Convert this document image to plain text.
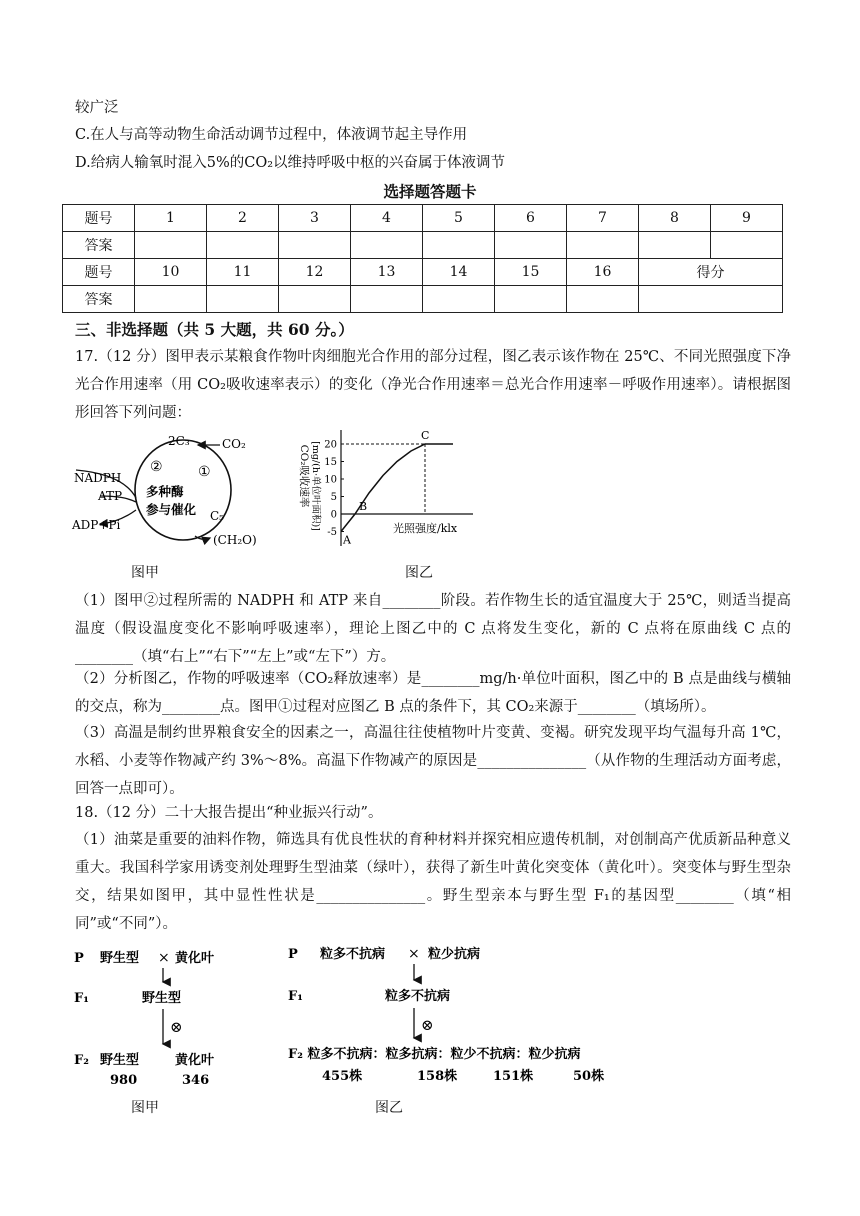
较广泛
C.在人与高等动物生命活动调节过程中，体液调节起主导作用
D.给病人输氧时混入5%的CO₂以维持呼吸中枢的兴奋属于体液调节
选择题答题卡
题号	1	2	3	4	5	6	7	8	9
答案									
题号	10	11	12	13	14	15	16	得分	
答案									
三、非选择题（共 5 大题，共 60 分。）
17.（12 分）图甲表示某粮食作物叶肉细胞光合作用的部分过程，图乙表示该作物在 25℃、不同光照强度下净光合作用速率（用 CO₂吸收速率表示）的变化（净光合作用速率＝总光合作用速率－呼吸作用速率）。请根据图形回答下列问题：
2C₃	CO₂
②	①
NADPH
ATP
ADP+Pi
多种酶
参与催化 C₅
(CH₂O)
图甲
CO₂吸收速率 [mg/(h·单位叶面积)]
-5
0
5
10
15
20
A
B
C
光照强度/klx
图乙
（1）图甲②过程所需的 NADPH 和 ATP 来自________阶段。若作物生长的适宜温度大于 25℃，则适当提高温度（假设温度变化不影响呼吸速率），理论上图乙中的 C 点将发生变化，新的 C 点将在原曲线 C 点的________（填“右上”“右下”“左上”或“左下”）方。
（2）分析图乙，作物的呼吸速率（CO₂释放速率）是________mg/h·单位叶面积，图乙中的 B 点是曲线与横轴的交点，称为________点。图甲①过程对应图乙 B 点的条件下，其 CO₂来源于________（填场所）。
（3）高温是制约世界粮食安全的因素之一，高温往往使植物叶片变黄、变褐。研究发现平均气温每升高 1℃，水稻、小麦等作物减产约 3%～8%。高温下作物减产的原因是_______________（从作物的生理活动方面考虑，回答一点即可）。
18.（12 分）二十大报告提出“种业振兴行动”。
（1）油菜是重要的油料作物，筛选具有优良性状的育种材料并探究相应遗传机制，对创制高产优质新品种意义重大。我国科学家用诱变剂处理野生型油菜（绿叶），获得了新生叶黄化突变体（黄化叶）。突变体与野生型杂交，结果如图甲，其中显性性状是_______________。野生型亲本与野生型 F₁的基因型________（填“相同”或“不同”）。
P 野生型 × 黄化叶
F₁	野生型
⊗
F₂ 野生型	黄化叶
980	346
图甲
P 粒多不抗病 × 粒少抗病
F₁	粒多不抗病
⊗
F₂ 粒多不抗病：粒多抗病：粒少不抗病：粒少抗病
455株	158株	151株	50株
图乙
